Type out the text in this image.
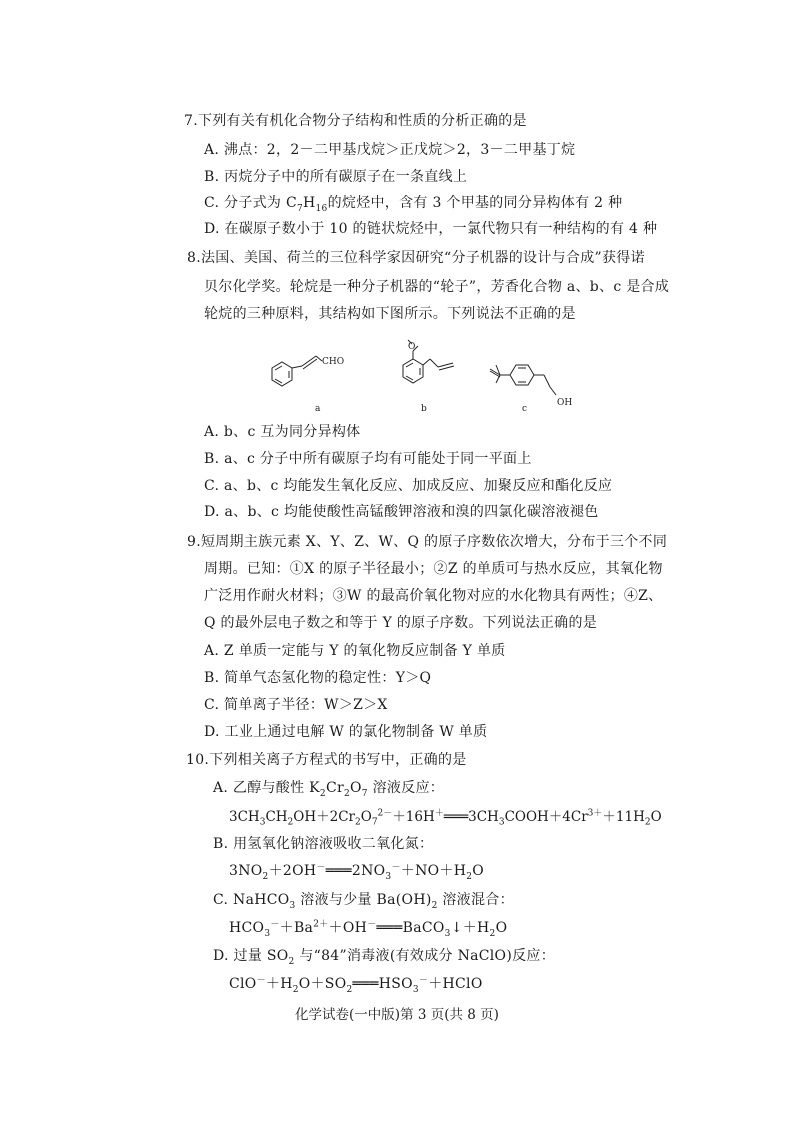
7.下列有关有机化合物分子结构和性质的分析正确的是
A. 沸点：2，2－二甲基戊烷＞正戊烷＞2，3－二甲基丁烷
B. 丙烷分子中的所有碳原子在一条直线上
C. 分子式为 $C_7H_{16}$的烷烃中，含有 3 个甲基的同分异构体有 2 种
D. 在碳原子数小于 10 的链状烷烃中，一氯代物只有一种结构的有 4 种
8.法国、美国、荷兰的三位科学家因研究“分子机器的设计与合成”获得诺
贝尔化学奖。轮烷是一种分子机器的“轮子”，芳香化合物 a、b、c 是合成
轮烷的三种原料，其结构如下图所示。下列说法不正确的是
CHO
O
OH
a	b	c
A. b、c 互为同分异构体
B. a、c 分子中所有碳原子均有可能处于同一平面上
C. a、b、c 均能发生氧化反应、加成反应、加聚反应和酯化反应
D. a、b、c 均能使酸性高锰酸钾溶液和溴的四氯化碳溶液褪色
9.短周期主族元素 X、Y、Z、W、Q 的原子序数依次增大，分布于三个不同
周期。已知：①X 的原子半径最小；②Z 的单质可与热水反应，其氧化物
广泛用作耐火材料；③W 的最高价氧化物对应的水化物具有两性；④Z、
Q 的最外层电子数之和等于 Y 的原子序数。下列说法正确的是
A. Z 单质一定能与 Y 的氧化物反应制备 Y 单质
B. 简单气态氢化物的稳定性：Y＞Q
C. 简单离子半径：W＞Z＞X
D. 工业上通过电解 W 的氯化物制备 W 单质
10.下列相关离子方程式的书写中，正确的是
A. 乙醇与酸性 $K_2Cr_2O_7$ 溶液反应：
$3CH_3CH_2OH+2Cr_2O_7^{2-}+16H^+═══3CH_3COOH+4Cr^{3+}+11H_2O$
B. 用氢氧化钠溶液吸收二氧化氮：
$3NO_2+2OH^-═══2NO_3^-+NO+H_2O$
C. NaHCO$_3$ 溶液与少量 $Ba(OH)_2$ 溶液混合：
$HCO_3^-+Ba^{2+}+OH^-═══BaCO_3↓+H_2O$
D. 过量 $SO_2$ 与“84”消毒液(有效成分 NaClO)反应：
$ClO^-+H_2O+SO_2═══HSO_3^-+HClO$
化学试卷(一中版)第 3 页(共 8 页)
